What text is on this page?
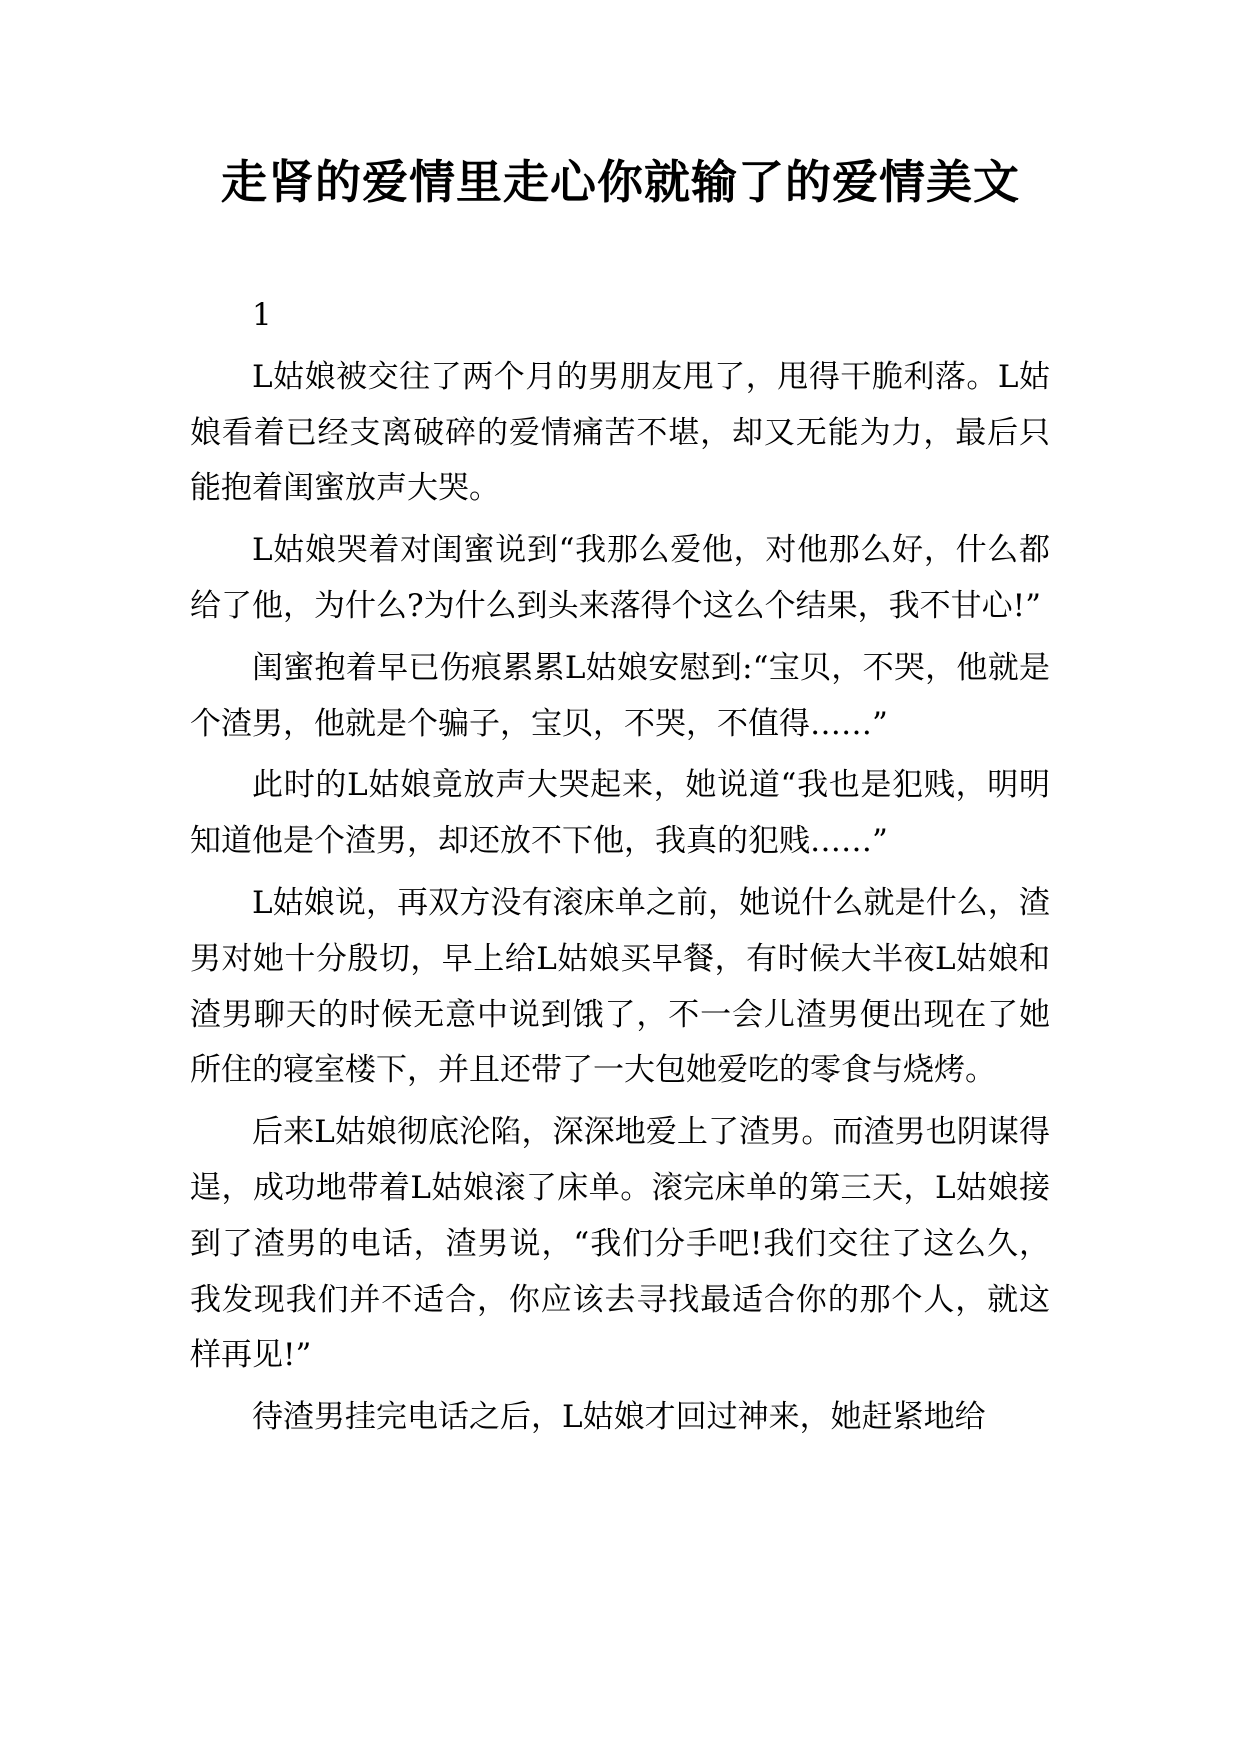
走肾的爱情里走心你就输了的爱情美文

1

L姑娘被交往了两个月的男朋友甩了，甩得干脆利落。L姑娘看着已经支离破碎的爱情痛苦不堪，却又无能为力，最后只能抱着闺蜜放声大哭。

L姑娘哭着对闺蜜说到“我那么爱他，对他那么好，什么都给了他，为什么?为什么到头来落得个这么个结果，我不甘心!”

闺蜜抱着早已伤痕累累L姑娘安慰到:“宝贝，不哭，他就是个渣男，他就是个骗子，宝贝，不哭，不值得……”

此时的L姑娘竟放声大哭起来，她说道“我也是犯贱，明明知道他是个渣男，却还放不下他，我真的犯贱……”

L姑娘说，再双方没有滚床单之前，她说什么就是什么，渣男对她十分殷切，早上给L姑娘买早餐，有时候大半夜L姑娘和渣男聊天的时候无意中说到饿了，不一会儿渣男便出现在了她所住的寝室楼下，并且还带了一大包她爱吃的零食与烧烤。

后来L姑娘彻底沦陷，深深地爱上了渣男。而渣男也阴谋得逞，成功地带着L姑娘滚了床单。滚完床单的第三天，L姑娘接到了渣男的电话，渣男说，“我们分手吧!我们交往了这么久，我发现我们并不适合，你应该去寻找最适合你的那个人，就这样再见!”

待渣男挂完电话之后，L姑娘才回过神来，她赶紧地给
